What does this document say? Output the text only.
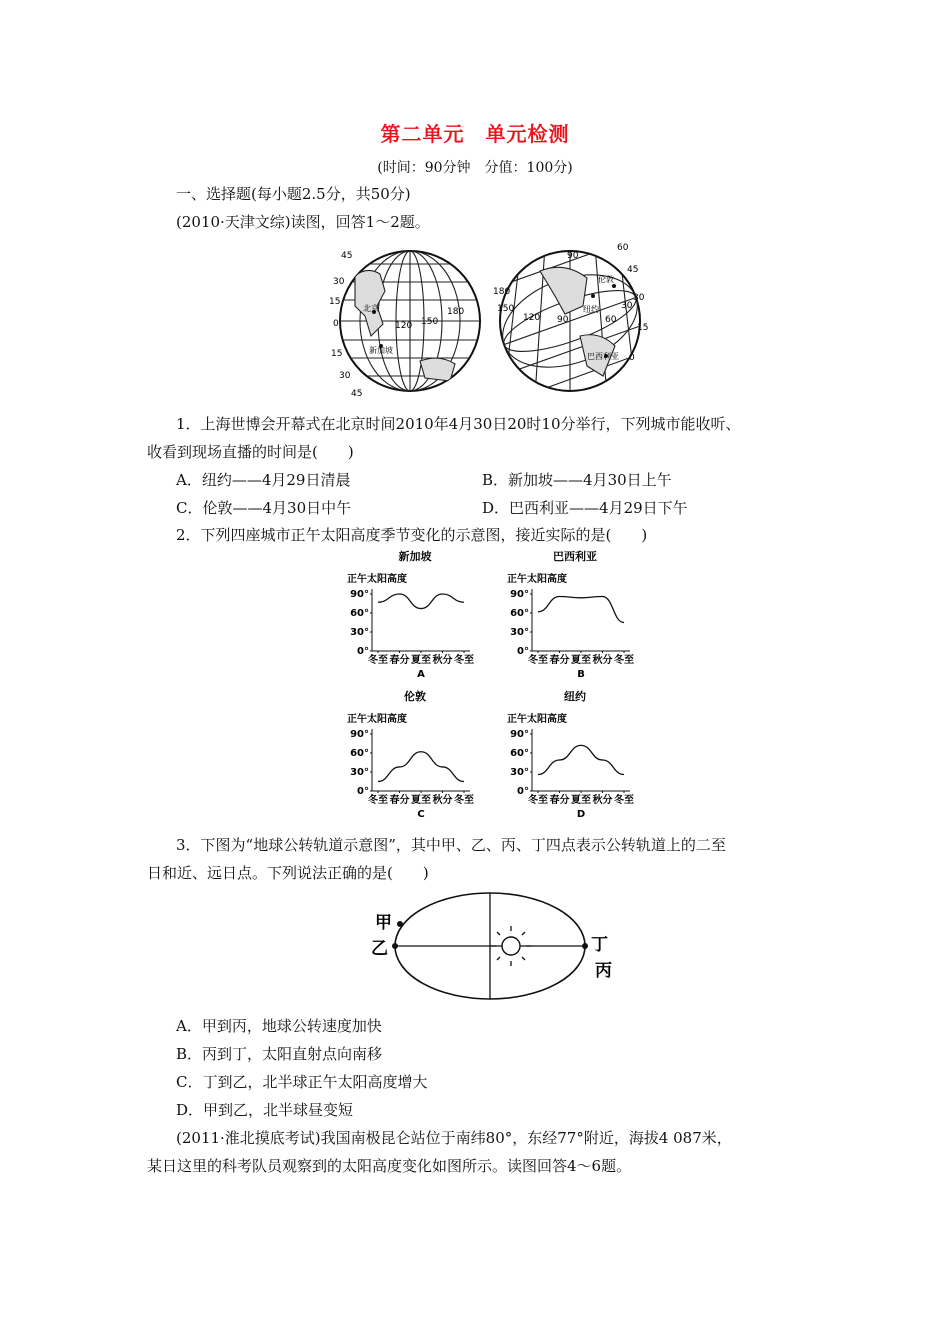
第二单元　单元检测
(时间：90分钟　分值：100分)
一、选择题(每小题2.5分，共50分)
(2010·天津文综)读图，回答1～2题。
北京
新加坡
45
30
15
0
15
30
45
120 150
180
伦敦
纽约
巴西利亚
90
60
45
30
15
0
180
150
120 90	60
30
1．上海世博会开幕式在北京时间2010年4月30日20时10分举行，下列城市能收听、
收看到现场直播的时间是(　　)
A．纽约——4月29日清晨	B．新加坡——4月30日上午
C．伦敦——4月30日中午	D．巴西利亚——4月29日下午
2．下列四座城市正午太阳高度季节变化的示意图，接近实际的是(　　)
新加坡
正午太阳高度
90°
60°
30°
0°
冬至 春分 夏至 秋分 冬至
A
巴西利亚
正午太阳高度
90°
60°
30°
0°
冬至 春分 夏至 秋分 冬至
B
伦敦
正午太阳高度
90°
60°
30°
0°
冬至 春分 夏至 秋分 冬至
C
纽约
正午太阳高度
90°
60°
30°
0°
冬至 春分 夏至 秋分 冬至
D
3．下图为“地球公转轨道示意图”，其中甲、乙、丙、丁四点表示公转轨道上的二至
日和近、远日点。下列说法正确的是(　　)
甲
乙	丁
丙
A．甲到丙，地球公转速度加快
B．丙到丁，太阳直射点向南移
C．丁到乙，北半球正午太阳高度增大
D．甲到乙，北半球昼变短
(2011·淮北摸底考试)我国南极昆仑站位于南纬80°，东经77°附近，海拔4 087米，
某日这里的科考队员观察到的太阳高度变化如图所示。读图回答4～6题。
